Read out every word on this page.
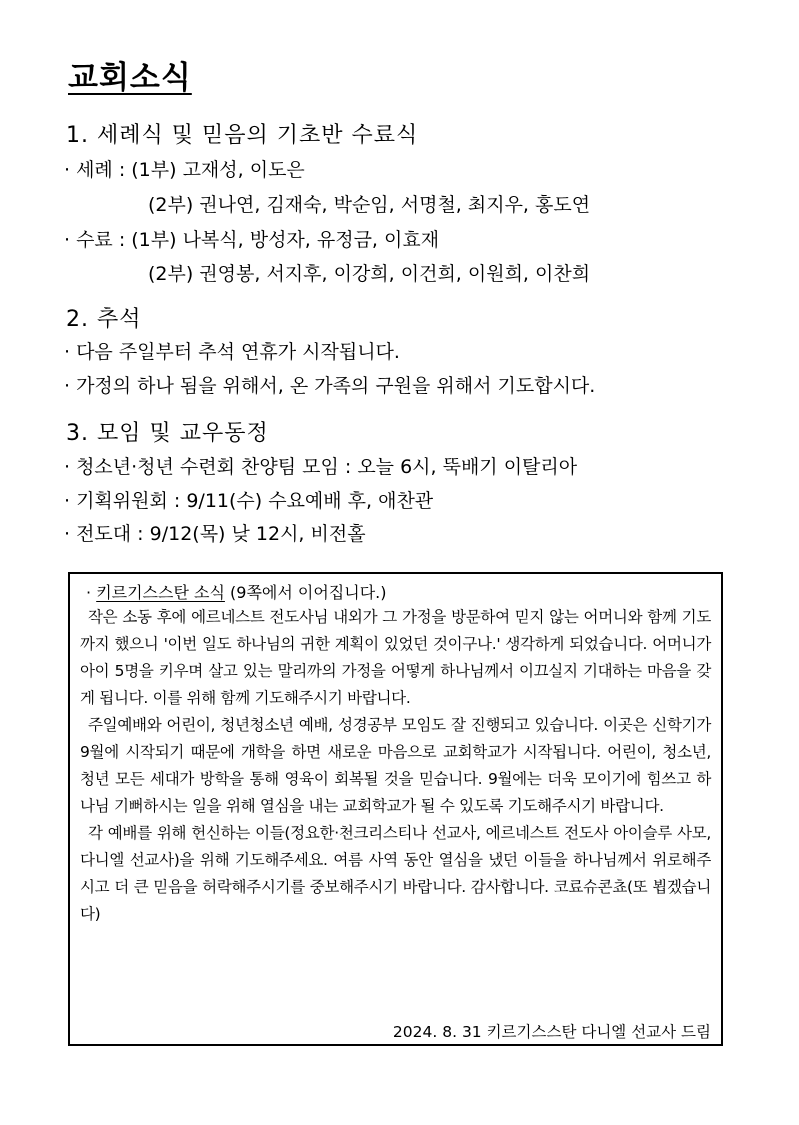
교회소식
1. 세례식 및 믿음의 기초반 수료식
· 세례 : (1부) 고재성, 이도은
(2부) 권나연, 김재숙, 박순임, 서명철, 최지우, 홍도연
· 수료 : (1부) 나복식, 방성자, 유정금, 이효재
(2부) 권영봉, 서지후, 이강희, 이건희, 이원희, 이찬희
2. 추석
· 다음 주일부터 추석 연휴가 시작됩니다.
· 가정의 하나 됨을 위해서, 온 가족의 구원을 위해서 기도합시다.
3. 모임 및 교우동정
· 청소년·청년 수련회 찬양팀 모임 : 오늘 6시, 뚝배기 이탈리아
· 기획위원회 : 9/11(수) 수요예배 후, 애찬관
· 전도대 : 9/12(목) 낮 12시, 비전홀
· 키르기스스탄 소식 (9쪽에서 이어집니다.)

작은 소동 후에 에르네스트 전도사님 내외가 그 가정을 방문하여 믿지 않는 어머니와 함께 기도까지 했으니 '이번 일도 하나님의 귀한 계획이 있었던 것이구나.' 생각하게 되었습니다. 어머니가 아이 5명을 키우며 살고 있는 말리까의 가정을 어떻게 하나님께서 이끄실지 기대하는 마음을 갖게 됩니다. 이를 위해 함께 기도해주시기 바랍니다.

주일예배와 어린이, 청년청소년 예배, 성경공부 모임도 잘 진행되고 있습니다. 이곳은 신학기가 9월에 시작되기 때문에 개학을 하면 새로운 마음으로 교회학교가 시작됩니다. 어린이, 청소년, 청년 모든 세대가 방학을 통해 영육이 회복될 것을 믿습니다. 9월에는 더욱 모이기에 힘쓰고 하나님 기뻐하시는 일을 위해 열심을 내는 교회학교가 될 수 있도록 기도해주시기 바랍니다.

각 예배를 위해 헌신하는 이들(정요한·천크리스티나 선교사, 에르네스트 전도사 아이슬루 사모, 다니엘 선교사)을 위해 기도해주세요. 여름 사역 동안 열심을 냈던 이들을 하나님께서 위로해주시고 더 큰 믿음을 허락해주시기를 중보해주시기 바랍니다. 감사합니다. 코료슈콘쵸(또 뵙겠습니다)

2024. 8. 31 키르기스스탄 다니엘 선교사 드림
